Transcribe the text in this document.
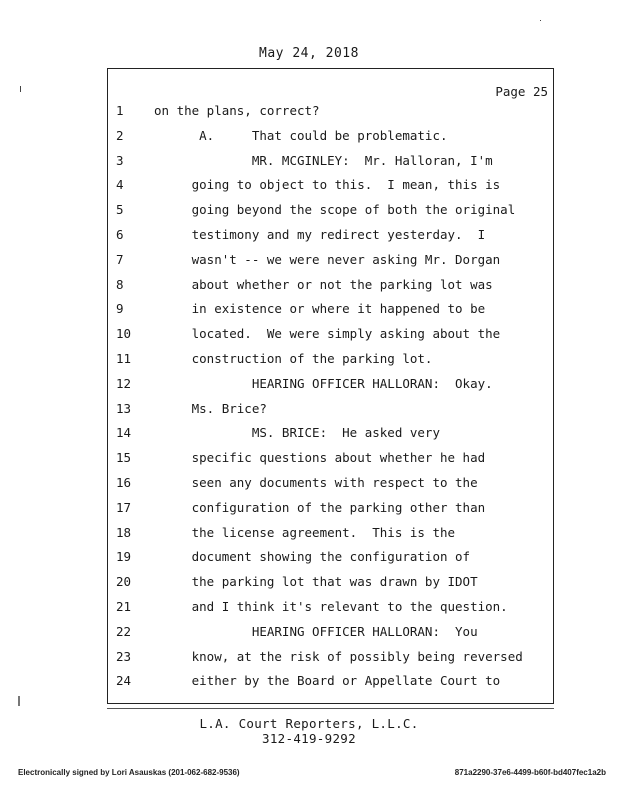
May 24, 2018
Page 25
1	on the plans, correct?
2	A.     That could be problematic.
3	MR. MCGINLEY:  Mr. Halloran, I'm
4	going to object to this.  I mean, this is
5	going beyond the scope of both the original
6	testimony and my redirect yesterday.  I
7	wasn't -- we were never asking Mr. Dorgan
8	about whether or not the parking lot was
9	in existence or where it happened to be
10	located.  We were simply asking about the
11	construction of the parking lot.
12	HEARING OFFICER HALLORAN:  Okay.
13	Ms. Brice?
14	MS. BRICE:  He asked very
15	specific questions about whether he had
16	seen any documents with respect to the
17	configuration of the parking other than
18	the license agreement.  This is the
19	document showing the configuration of
20	the parking lot that was drawn by IDOT
21	and I think it's relevant to the question.
22	HEARING OFFICER HALLORAN:  You
23	know, at the risk of possibly being reversed
24	either by the Board or Appellate Court to
L.A. Court Reporters, L.L.C.
312-419-9292
Electronically signed by Lori Asauskas (201-062-682-9536)	871a2290-37e6-4499-b60f-bd407fec1a2b
